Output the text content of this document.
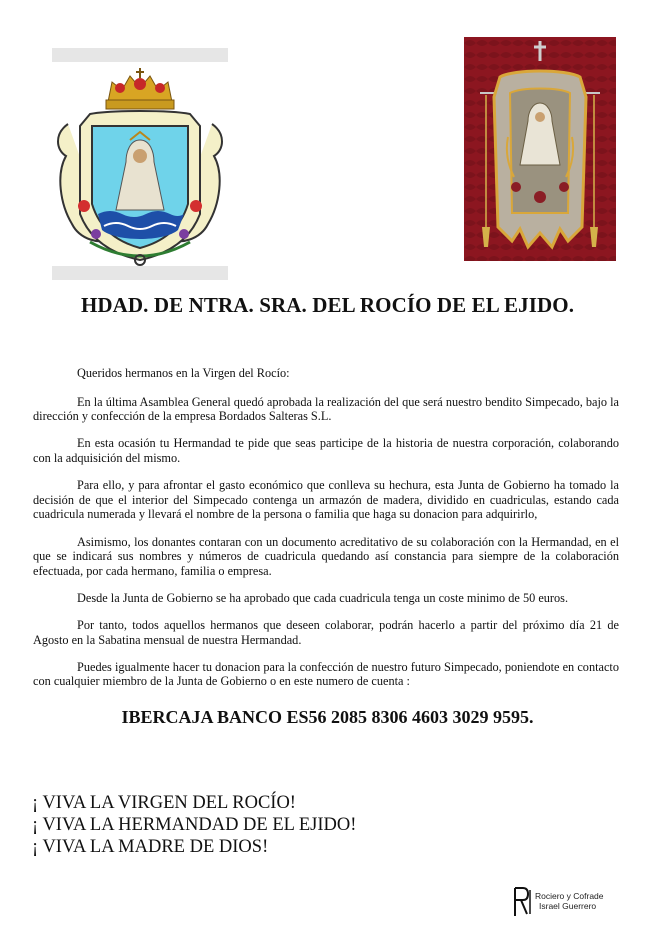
HDAD. DE NTRA. SRA. DEL ROCÍO DE EL EJIDO.

Queridos hermanos en la Virgen del Rocío:

En la última Asamblea General quedó aprobada la realización del que será nuestro bendito Simpecado, bajo la dirección y confección de la empresa Bordados Salteras S.L.

En esta ocasión tu Hermandad te pide que seas participe de la historia de nuestra corporación, colaborando con la adquisición del mismo.

Para ello, y para afrontar el gasto económico que conlleva su hechura, esta Junta de Gobierno ha tomado la decisión de que el interior del Simpecado contenga un armazón de madera, dividido en cuadriculas, estando cada cuadricula numerada y llevará el nombre de la persona o familia que haga su donacion para adquirirlo,

Asimismo, los donantes contaran con un documento acreditativo de su colaboración con la Hermandad, en el que se indicará sus nombres y números de cuadricula quedando así constancia para siempre de la colaboración efectuada, por cada hermano, familia o empresa.

Desde la Junta de Gobierno se ha aprobado que cada cuadricula tenga un coste minimo de 50 euros.

Por tanto, todos aquellos hermanos que deseen colaborar, podrán hacerlo a partir del próximo día 21 de Agosto en la Sabatina mensual de nuestra Hermandad.

Puedes igualmente hacer tu donacion para la confección de nuestro futuro Simpecado, poniendote en contacto con cualquier miembro de la Junta de Gobierno o en este numero de cuenta :

IBERCAJA BANCO ES56 2085 8306 4603 3029 9595.
¡ VIVA LA VIRGEN DEL ROCÍO!
¡ VIVA LA HERMANDAD DE EL EJIDO!
¡ VIVA LA MADRE DE DIOS!
Rociero y Cofrade
Israel Guerrero
